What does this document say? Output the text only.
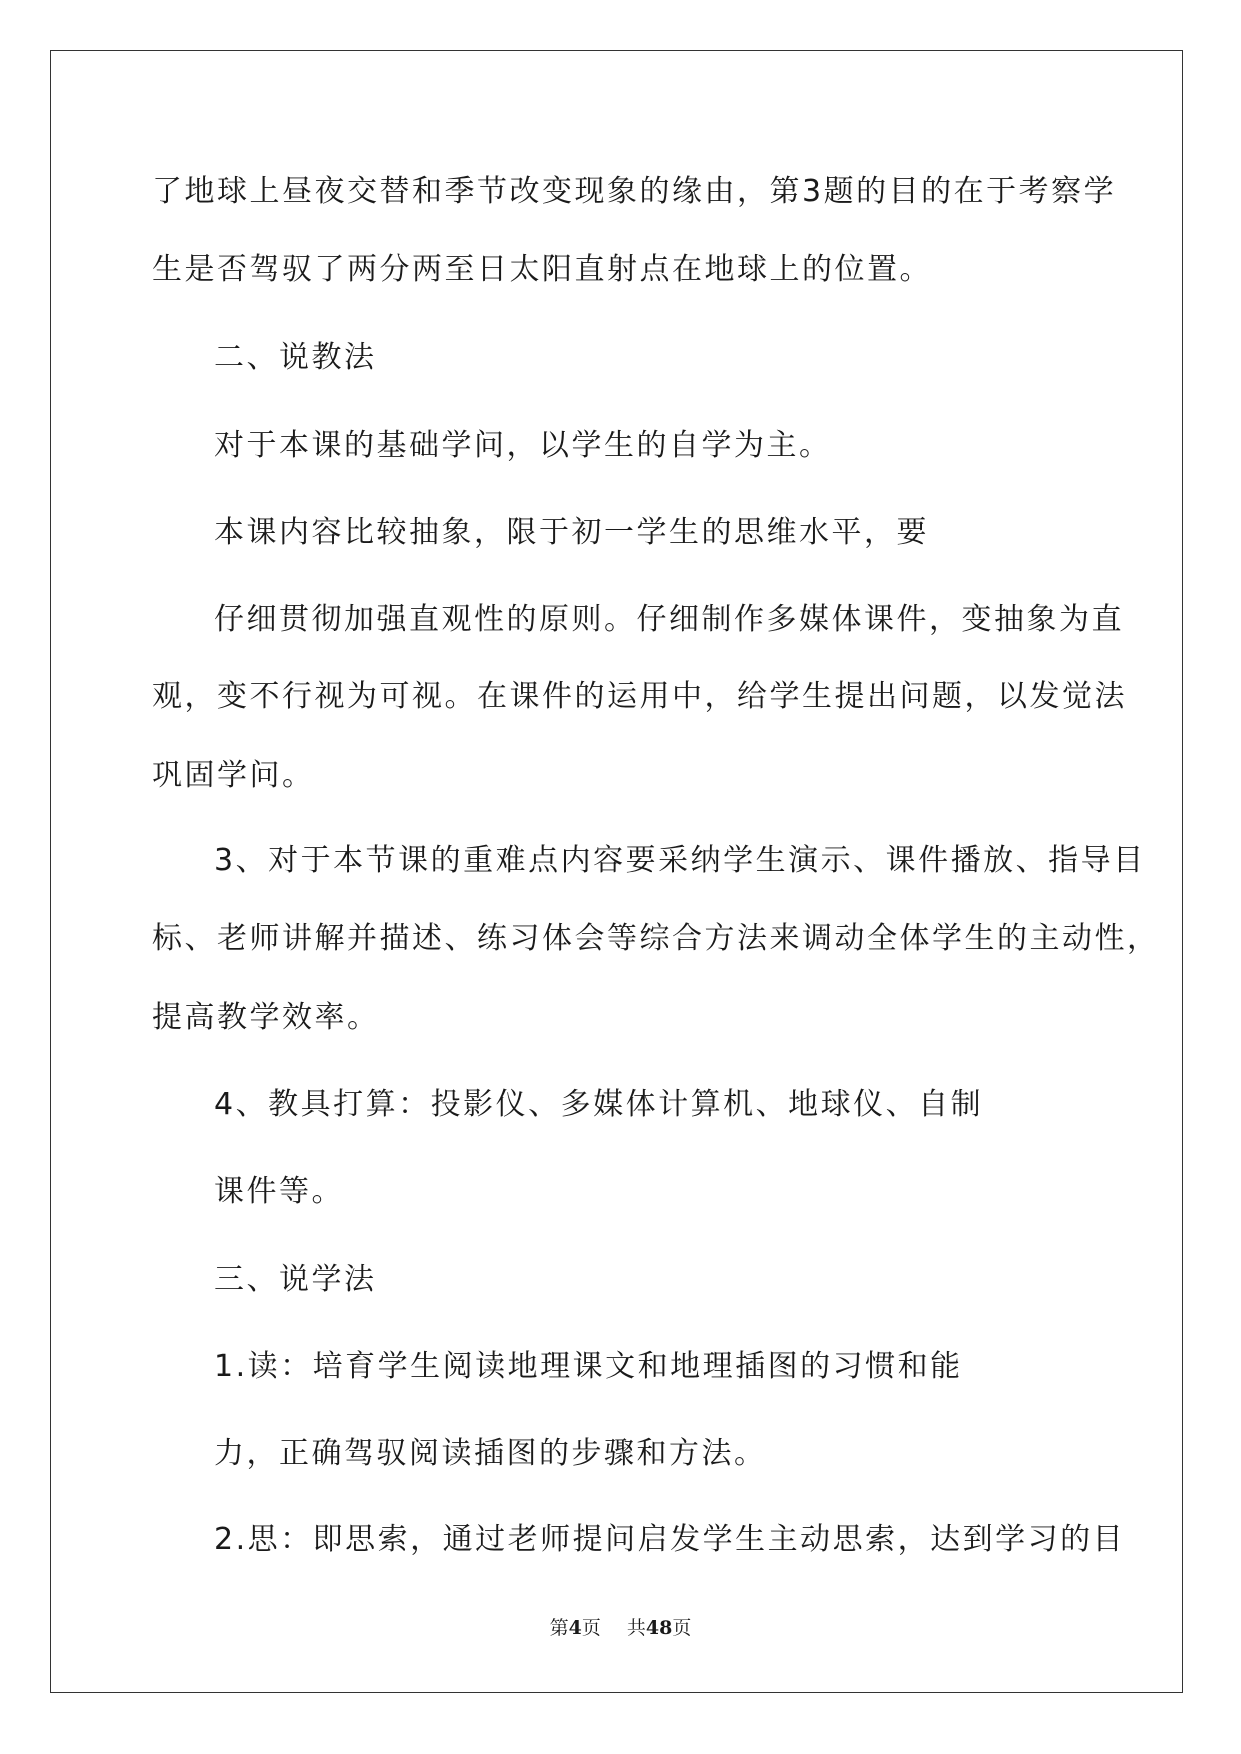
了地球上昼夜交替和季节改变现象的缘由，第3题的目的在于考察学
生是否驾驭了两分两至日太阳直射点在地球上的位置。
二、说教法
对于本课的基础学问，以学生的自学为主。
本课内容比较抽象，限于初一学生的思维水平，要
仔细贯彻加强直观性的原则。仔细制作多媒体课件，变抽象为直
观，变不行视为可视。在课件的运用中，给学生提出问题，以发觉法
巩固学问。
3、对于本节课的重难点内容要采纳学生演示、课件播放、指导目
标、老师讲解并描述、练习体会等综合方法来调动全体学生的主动性，
提高教学效率。
4、教具打算：投影仪、多媒体计算机、地球仪、自制
课件等。
三、说学法
1.读：培育学生阅读地理课文和地理插图的习惯和能
力，正确驾驭阅读插图的步骤和方法。
2.思：即思索，通过老师提问启发学生主动思索，达到学习的目
第4页 共48页
